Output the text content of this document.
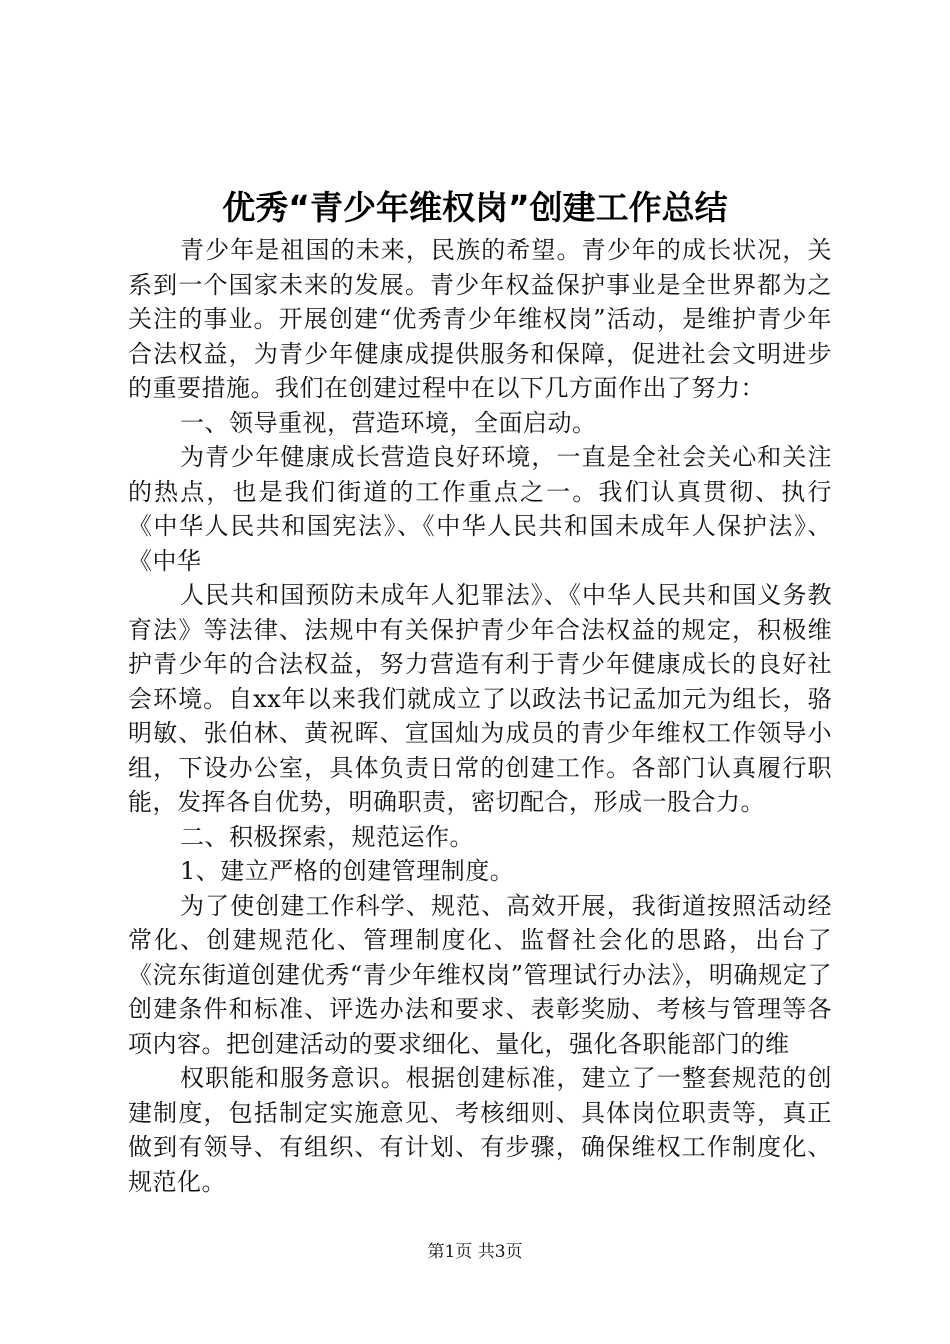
优秀“青少年维权岗”创建工作总结

青少年是祖国的未来，民族的希望。青少年的成长状况，关系到一个国家未来的发展。青少年权益保护事业是全世界都为之关注的事业。开展创建“优秀青少年维权岗”活动，是维护青少年合法权益，为青少年健康成提供服务和保障，促进社会文明进步的重要措施。我们在创建过程中在以下几方面作出了努力：

一、领导重视，营造环境，全面启动。

为青少年健康成长营造良好环境，一直是全社会关心和关注的热点，也是我们街道的工作重点之一。我们认真贯彻、执行《中华人民共和国宪法》、《中华人民共和国未成年人保护法》、《中华

人民共和国预防未成年人犯罪法》、《中华人民共和国义务教育法》等法律、法规中有关保护青少年合法权益的规定，积极维护青少年的合法权益，努力营造有利于青少年健康成长的良好社会环境。自xx年以来我们就成立了以政法书记孟加元为组长，骆明敏、张伯林、黄祝晖、宣国灿为成员的青少年维权工作领导小组，下设办公室，具体负责日常的创建工作。各部门认真履行职能，发挥各自优势，明确职责，密切配合，形成一股合力。

二、积极探索，规范运作。

1、建立严格的创建管理制度。

为了使创建工作科学、规范、高效开展，我街道按照活动经常化、创建规范化、管理制度化、监督社会化的思路，出台了《浣东街道创建优秀“青少年维权岗”管理试行办法》，明确规定了创建条件和标准、评选办法和要求、表彰奖励、考核与管理等各项内容。把创建活动的要求细化、量化，强化各职能部门的维

权职能和服务意识。根据创建标准，建立了一整套规范的创建制度，包括制定实施意见、考核细则、具体岗位职责等，真正做到有领导、有组织、有计划、有步骤，确保维权工作制度化、规范化。

第1页 共3页
